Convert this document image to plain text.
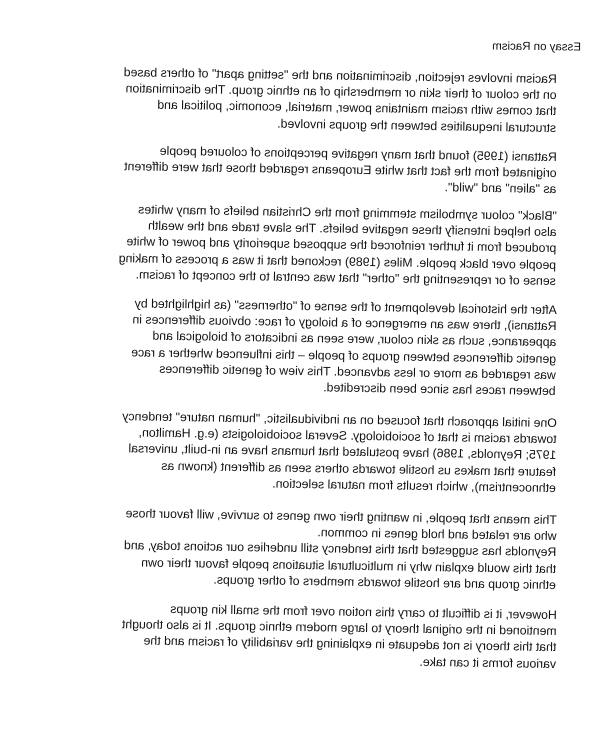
Essay on Racism
Racism involves rejection, discrimination and the "setting apart" of others based
on the colour of their skin or membership of an ethnic group. The discrimination
that comes with racism maintains power, material, economic, political and
structural inequalities between the groups involved.
Rattansi (1995) found that many negative perceptions of coloured people
originated from the fact that white Europeans regarded those that were different
as "alien" and "wild".
"Black" colour symbolism stemming from the Christian beliefs of many whites
also helped intensify these negative beliefs. The slave trade and the wealth
produced from it further reinforced the supposed superiority and power of white
people over black people. Miles (1989) reckoned that it was a process of making
sense of or representing the "other" that was central to the concept of racism.
After the historical development of the sense of "otherness" (as highlighted by
Rattansi), there was an emergence of a biology of race: obvious differences in
appearance, such as skin colour, were seen as indicators of biological and
genetic differences between groups of people – this influenced whether a race
was regarded as more or less advanced. This view of genetic differences
between races has since been discredited.
One initial approach that focused on an individualistic, "human nature" tendency
towards racism is that of sociobiology. Several sociobiologists (e.g. Hamilton,
1975; Reynolds, 1986) have postulated that humans have an in-built, universal
feature that makes us hostile towards others seen as different (known as
ethnocentrism), which results from natural selection.
This means that people, in wanting their own genes to survive, will favour those
who are related and hold genes in common.
Reynolds has suggested that this tendency still underlies our actions today, and
that this would explain why in multicultural situations people favour their own
ethnic group and are hostile towards members of other groups.
However, it is difficult to carry this notion over from the small kin groups
mentioned in the original theory to large modern ethnic groups. It is also thought
that this theory is not adequate in explaining the variability of racism and the
various forms it can take.
